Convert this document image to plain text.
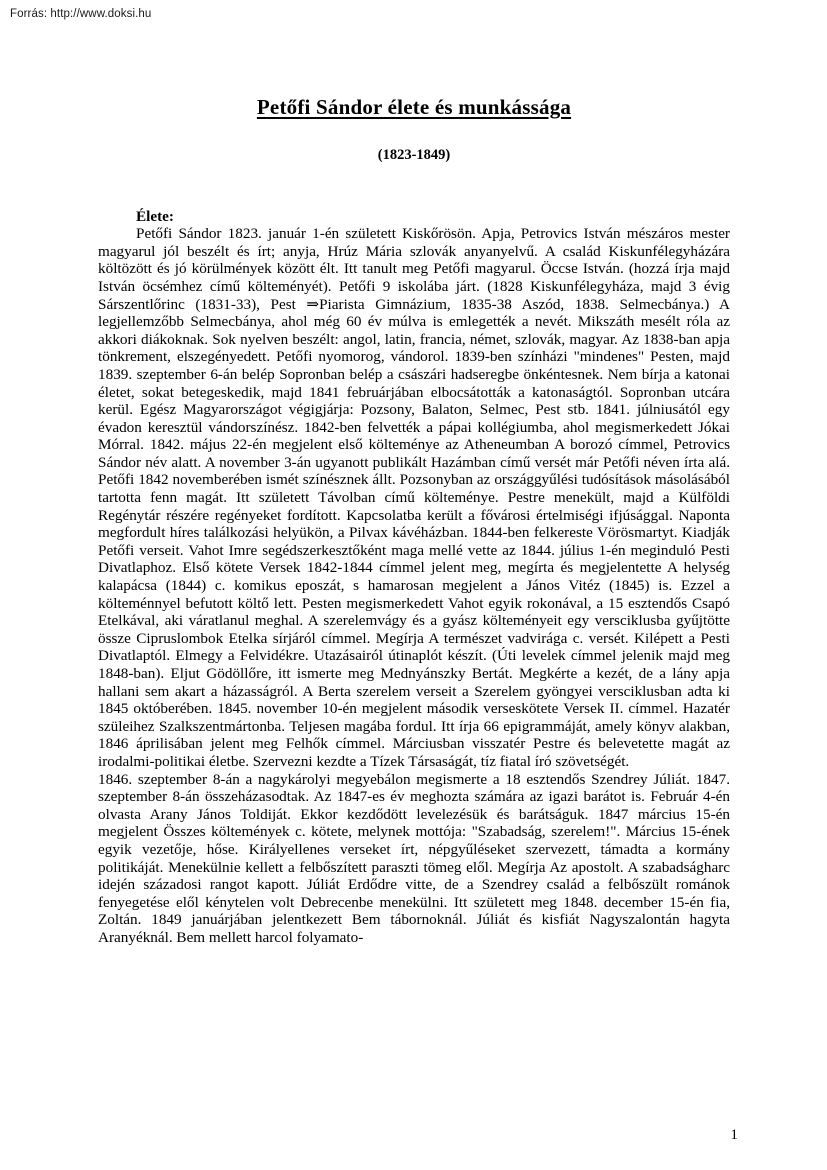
Forrás: http://www.doksi.hu
Petőfi Sándor élete és munkássága
(1823-1849)
Élete:

Petőfi Sándor 1823. január 1-én született Kiskőrösön. Apja, Petrovics István mészáros mester magyarul jól beszélt és írt; anyja, Hrúz Mária szlovák anyanyelvű. A család Kiskunfélegyházára költözött és jó körülmények között élt. Itt tanult meg Petőfi magyarul. Öccse István. (hozzá írja majd István öcsémhez című költeményét). Petőfi 9 iskolába járt. (1828 Kiskunfélegyháza, majd 3 évig Sárszentlőrinc (1831-33), Pest ⇒Piarista Gimnázium, 1835-38 Aszód, 1838. Selmecbánya.) A legjellemzőbb Selmecbánya, ahol még 60 év múlva is emlegették a nevét. Mikszáth mesélt róla az akkori diákoknak. Sok nyelven beszélt: angol, latin, francia, német, szlovák, magyar. Az 1838-ban apja tönkrement, elszegényedett. Petőfi nyomorog, vándorol. 1839-ben színházi "mindenes" Pesten, majd 1839. szeptember 6-án belép Sopronban belép a császári hadseregbe önkéntesnek. Nem bírja a katonai életet, sokat betegeskedik, majd 1841 februárjában elbocsátották a katonaságtól. Sopronban utcára kerül. Egész Magyarországot végigjárja: Pozsony, Balaton, Selmec, Pest stb. 1841. júlniusától egy évadon keresztül vándorszínész. 1842-ben felvették a pápai kollégiumba, ahol megismerkedett Jókai Mórral. 1842. május 22-én megjelent első költeménye az Atheneumban A borozó címmel, Petrovics Sándor név alatt. A november 3-án ugyanott publikált Hazámban című versét már Petőfi néven írta alá. Petőfi 1842 novemberében ismét színésznek állt. Pozsonyban az országgyűlési tudósítások másolásából tartotta fenn magát. Itt született Távolban című költeménye. Pestre menekült, majd a Külföldi Regénytár részére regényeket fordított. Kapcsolatba került a fővárosi értelmiségi ifjúsággal. Naponta megfordult híres találkozási helyükön, a Pilvax kávéházban. 1844-ben felkereste Vörösmartyt. Kiadják Petőfi verseit. Vahot Imre segédszerkesztőként maga mellé vette az 1844. július 1-én meginduló Pesti Divatlaphoz. Első kötete Versek 1842-1844 címmel jelent meg, megírta és megjelentette A helység kalapácsa (1844) c. komikus eposzát, s hamarosan megjelent a János Vitéz (1845) is. Ezzel a költeménnyel befutott költő lett. Pesten megismerkedett Vahot egyik rokonával, a 15 esztendős Csapó Etelkával, aki váratlanul meghal. A szerelemvágy és a gyász költeményeit egy versciklusba gyűjtötte össze Cipruslombok Etelka sírjáról címmel. Megírja A természet vadvirága c. versét. Kilépett a Pesti Divatlaptól. Elmegy a Felvidékre. Utazásairól útinaplót készít. (Úti levelek címmel jelenik majd meg 1848-ban). Eljut Gödöllőre, itt ismerte meg Mednyánszky Bertát. Megkérte a kezét, de a lány apja hallani sem akart a házasságról. A Berta szerelem verseit a Szerelem gyöngyei versciklusban adta ki 1845 októberében. 1845. november 10-én megjelent második verseskötete Versek II. címmel. Hazatér szüleihez Szalkszentmártonba. Teljesen magába fordul. Itt írja 66 epigrammáját, amely könyv alakban, 1846 áprilisában jelent meg Felhők címmel. Márciusban visszatér Pestre és belevetette magát az irodalmi-politikai életbe. Szervezni kezdte a Tízek Társaságát, tíz fiatal író szövetségét.

1846. szeptember 8-án a nagykárolyi megyebálon megismerte a 18 esztendős Szendrey Júliát. 1847. szeptember 8-án összeházasodtak. Az 1847-es év meghozta számára az igazi barátot is. Február 4-én olvasta Arany János Toldiját. Ekkor kezdődött levelezésük és barátságuk. 1847 március 15-én megjelent Összes költemények c. kötete, melynek mottója: "Szabadság, szerelem!". Március 15-ének egyik vezetője, hőse. Királyellenes verseket írt, népgyűléseket szervezett, támadta a kormány politikáját. Menekülnie kellett a felbőszített paraszti tömeg elől. Megírja Az apostolt. A szabadságharc idején századosi rangot kapott. Júliát Erdődre vitte, de a Szendrey család a felbőszült románok fenyegetése elől kénytelen volt Debrecenbe menekülni. Itt született meg 1848. december 15-én fia, Zoltán. 1849 januárjában jelentkezett Bem tábornoknál. Júliát és kisfiát Nagyszalontán hagyta Aranyéknál. Bem mellett harcol folyamato-

1
